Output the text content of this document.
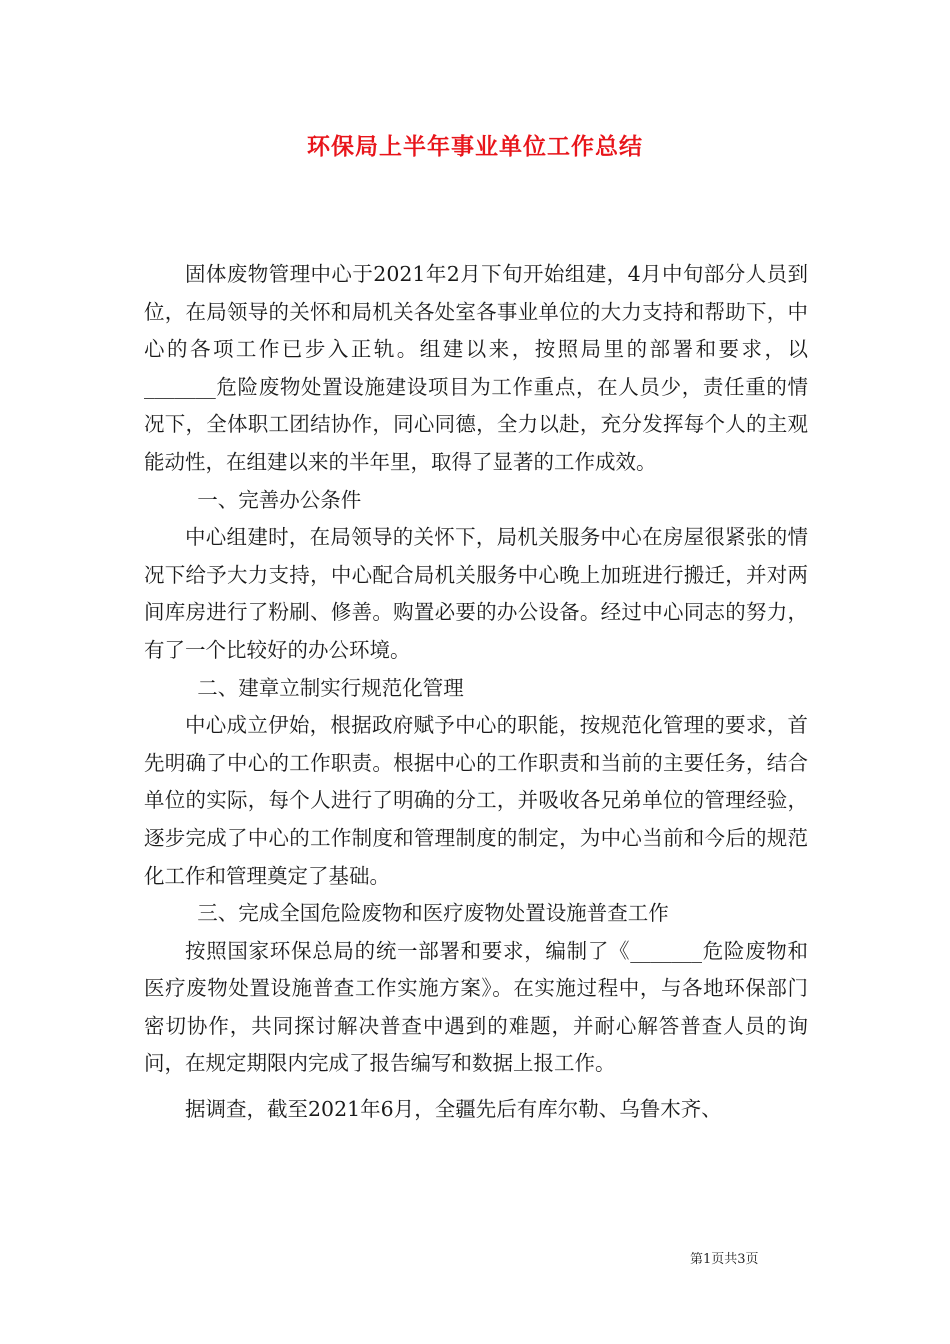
环保局上半年事业单位工作总结

固体废物管理中心于2021年2月下旬开始组建，4月中旬部分人员到位，在局领导的关怀和局机关各处室各事业单位的大力支持和帮助下，中心的各项工作已步入正轨。组建以来，按照局里的部署和要求，以_______危险废物处置设施建设项目为工作重点，在人员少，责任重的情况下，全体职工团结协作，同心同德，全力以赴，充分发挥每个人的主观能动性，在组建以来的半年里，取得了显著的工作成效。

一、完善办公条件

中心组建时，在局领导的关怀下，局机关服务中心在房屋很紧张的情况下给予大力支持，中心配合局机关服务中心晚上加班进行搬迁，并对两间库房进行了粉刷、修善。购置必要的办公设备。经过中心同志的努力，有了一个比较好的办公环境。

二、建章立制实行规范化管理

中心成立伊始，根据政府赋予中心的职能，按规范化管理的要求，首先明确了中心的工作职责。根据中心的工作职责和当前的主要任务，结合单位的实际，每个人进行了明确的分工，并吸收各兄弟单位的管理经验，逐步完成了中心的工作制度和管理制度的制定，为中心当前和今后的规范化工作和管理奠定了基础。

三、完成全国危险废物和医疗废物处置设施普查工作

按照国家环保总局的统一部署和要求，编制了《_______危险废物和医疗废物处置设施普查工作实施方案》。在实施过程中，与各地环保部门密切协作，共同探讨解决普查中遇到的难题，并耐心解答普查人员的询问，在规定期限内完成了报告编写和数据上报工作。

据调查，截至2021年6月，全疆先后有库尔勒、乌鲁木齐、

第1页共3页
